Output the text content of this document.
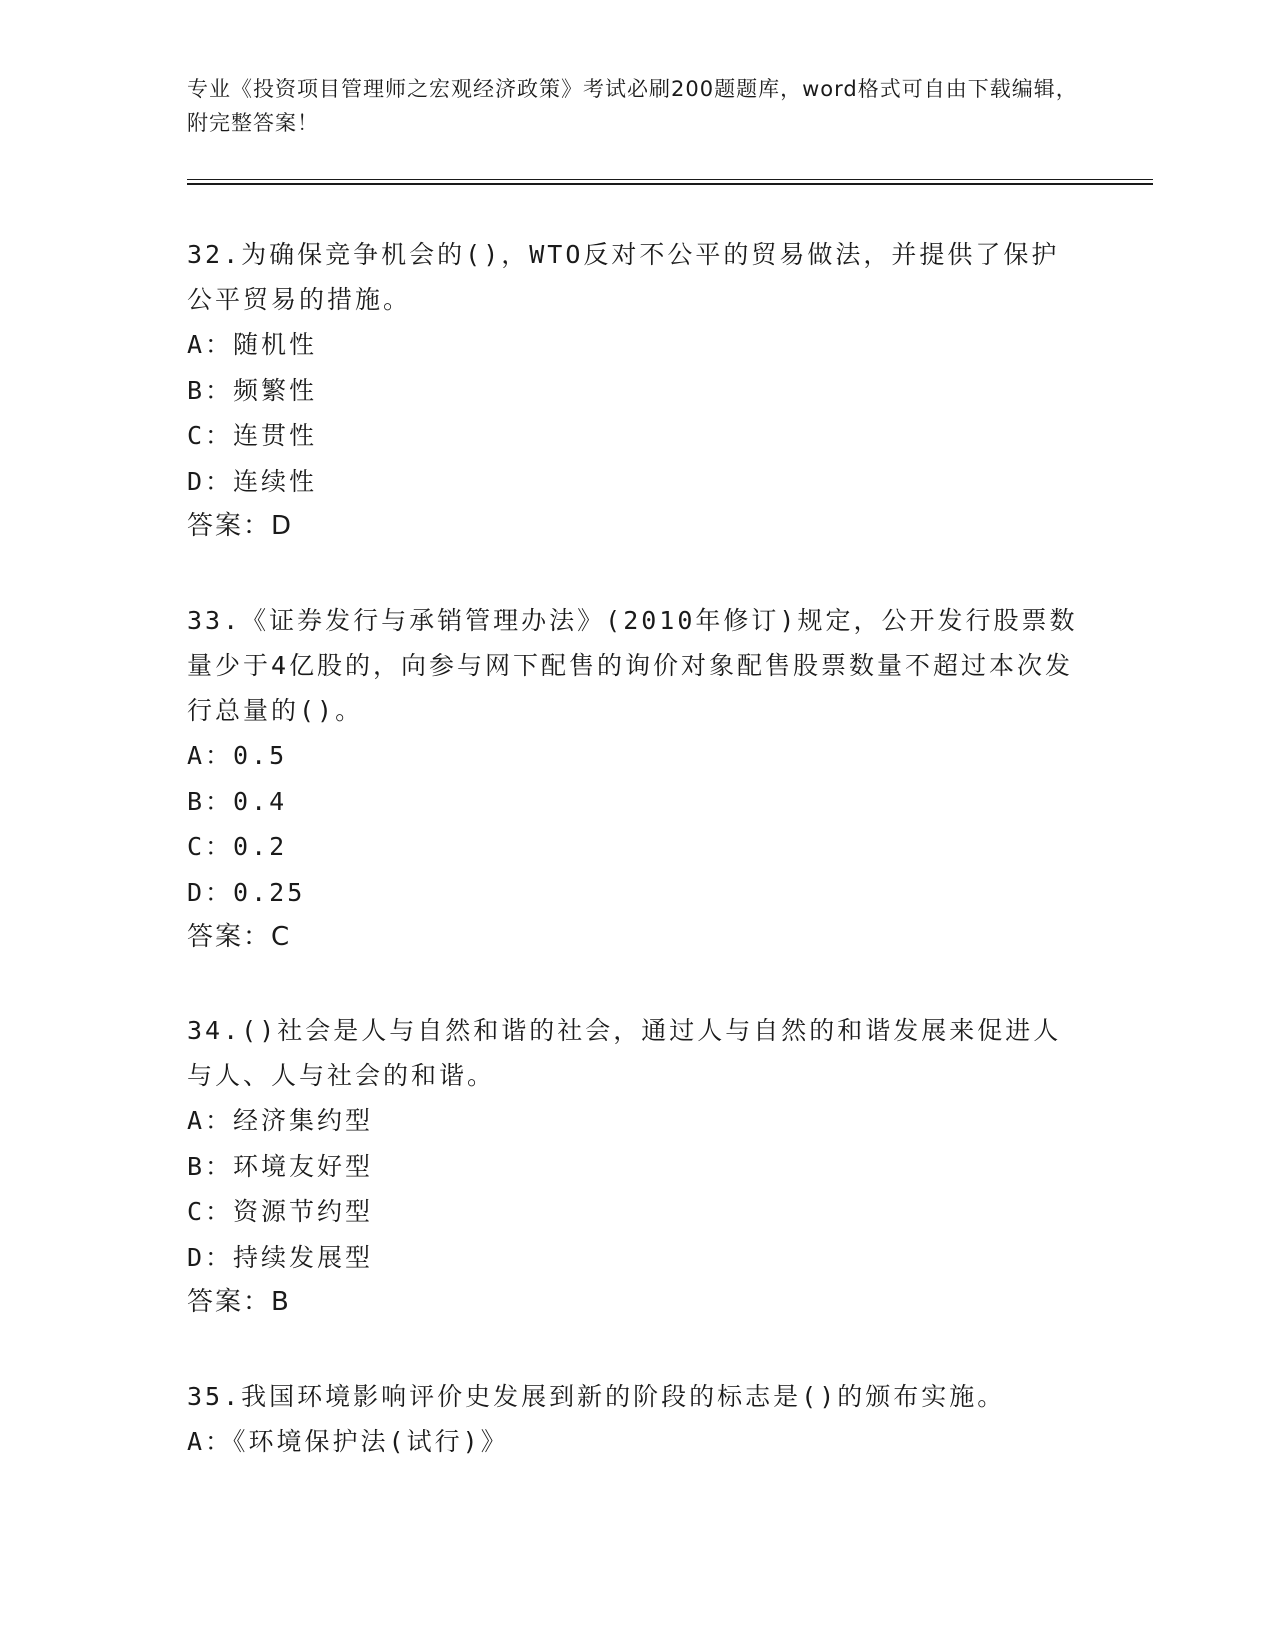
专业《投资项目管理师之宏观经济政策》考试必刷200题题库，word格式可自由下载编辑，附完整答案！

32.为确保竞争机会的()，WTO反对不公平的贸易做法，并提供了保护公平贸易的措施。

A：随机性

B：频繁性

C：连贯性

D：连续性

答案：D

33.《证券发行与承销管理办法》(2010年修订)规定，公开发行股票数量少于4亿股的，向参与网下配售的询价对象配售股票数量不超过本次发行总量的()。

A：0.5

B：0.4

C：0.2

D：0.25

答案：C

34.()社会是人与自然和谐的社会，通过人与自然的和谐发展来促进人与人、人与社会的和谐。

A：经济集约型

B：环境友好型

C：资源节约型

D：持续发展型

答案：B

35.我国环境影响评价史发展到新的阶段的标志是()的颁布实施。

A：《环境保护法(试行)》
